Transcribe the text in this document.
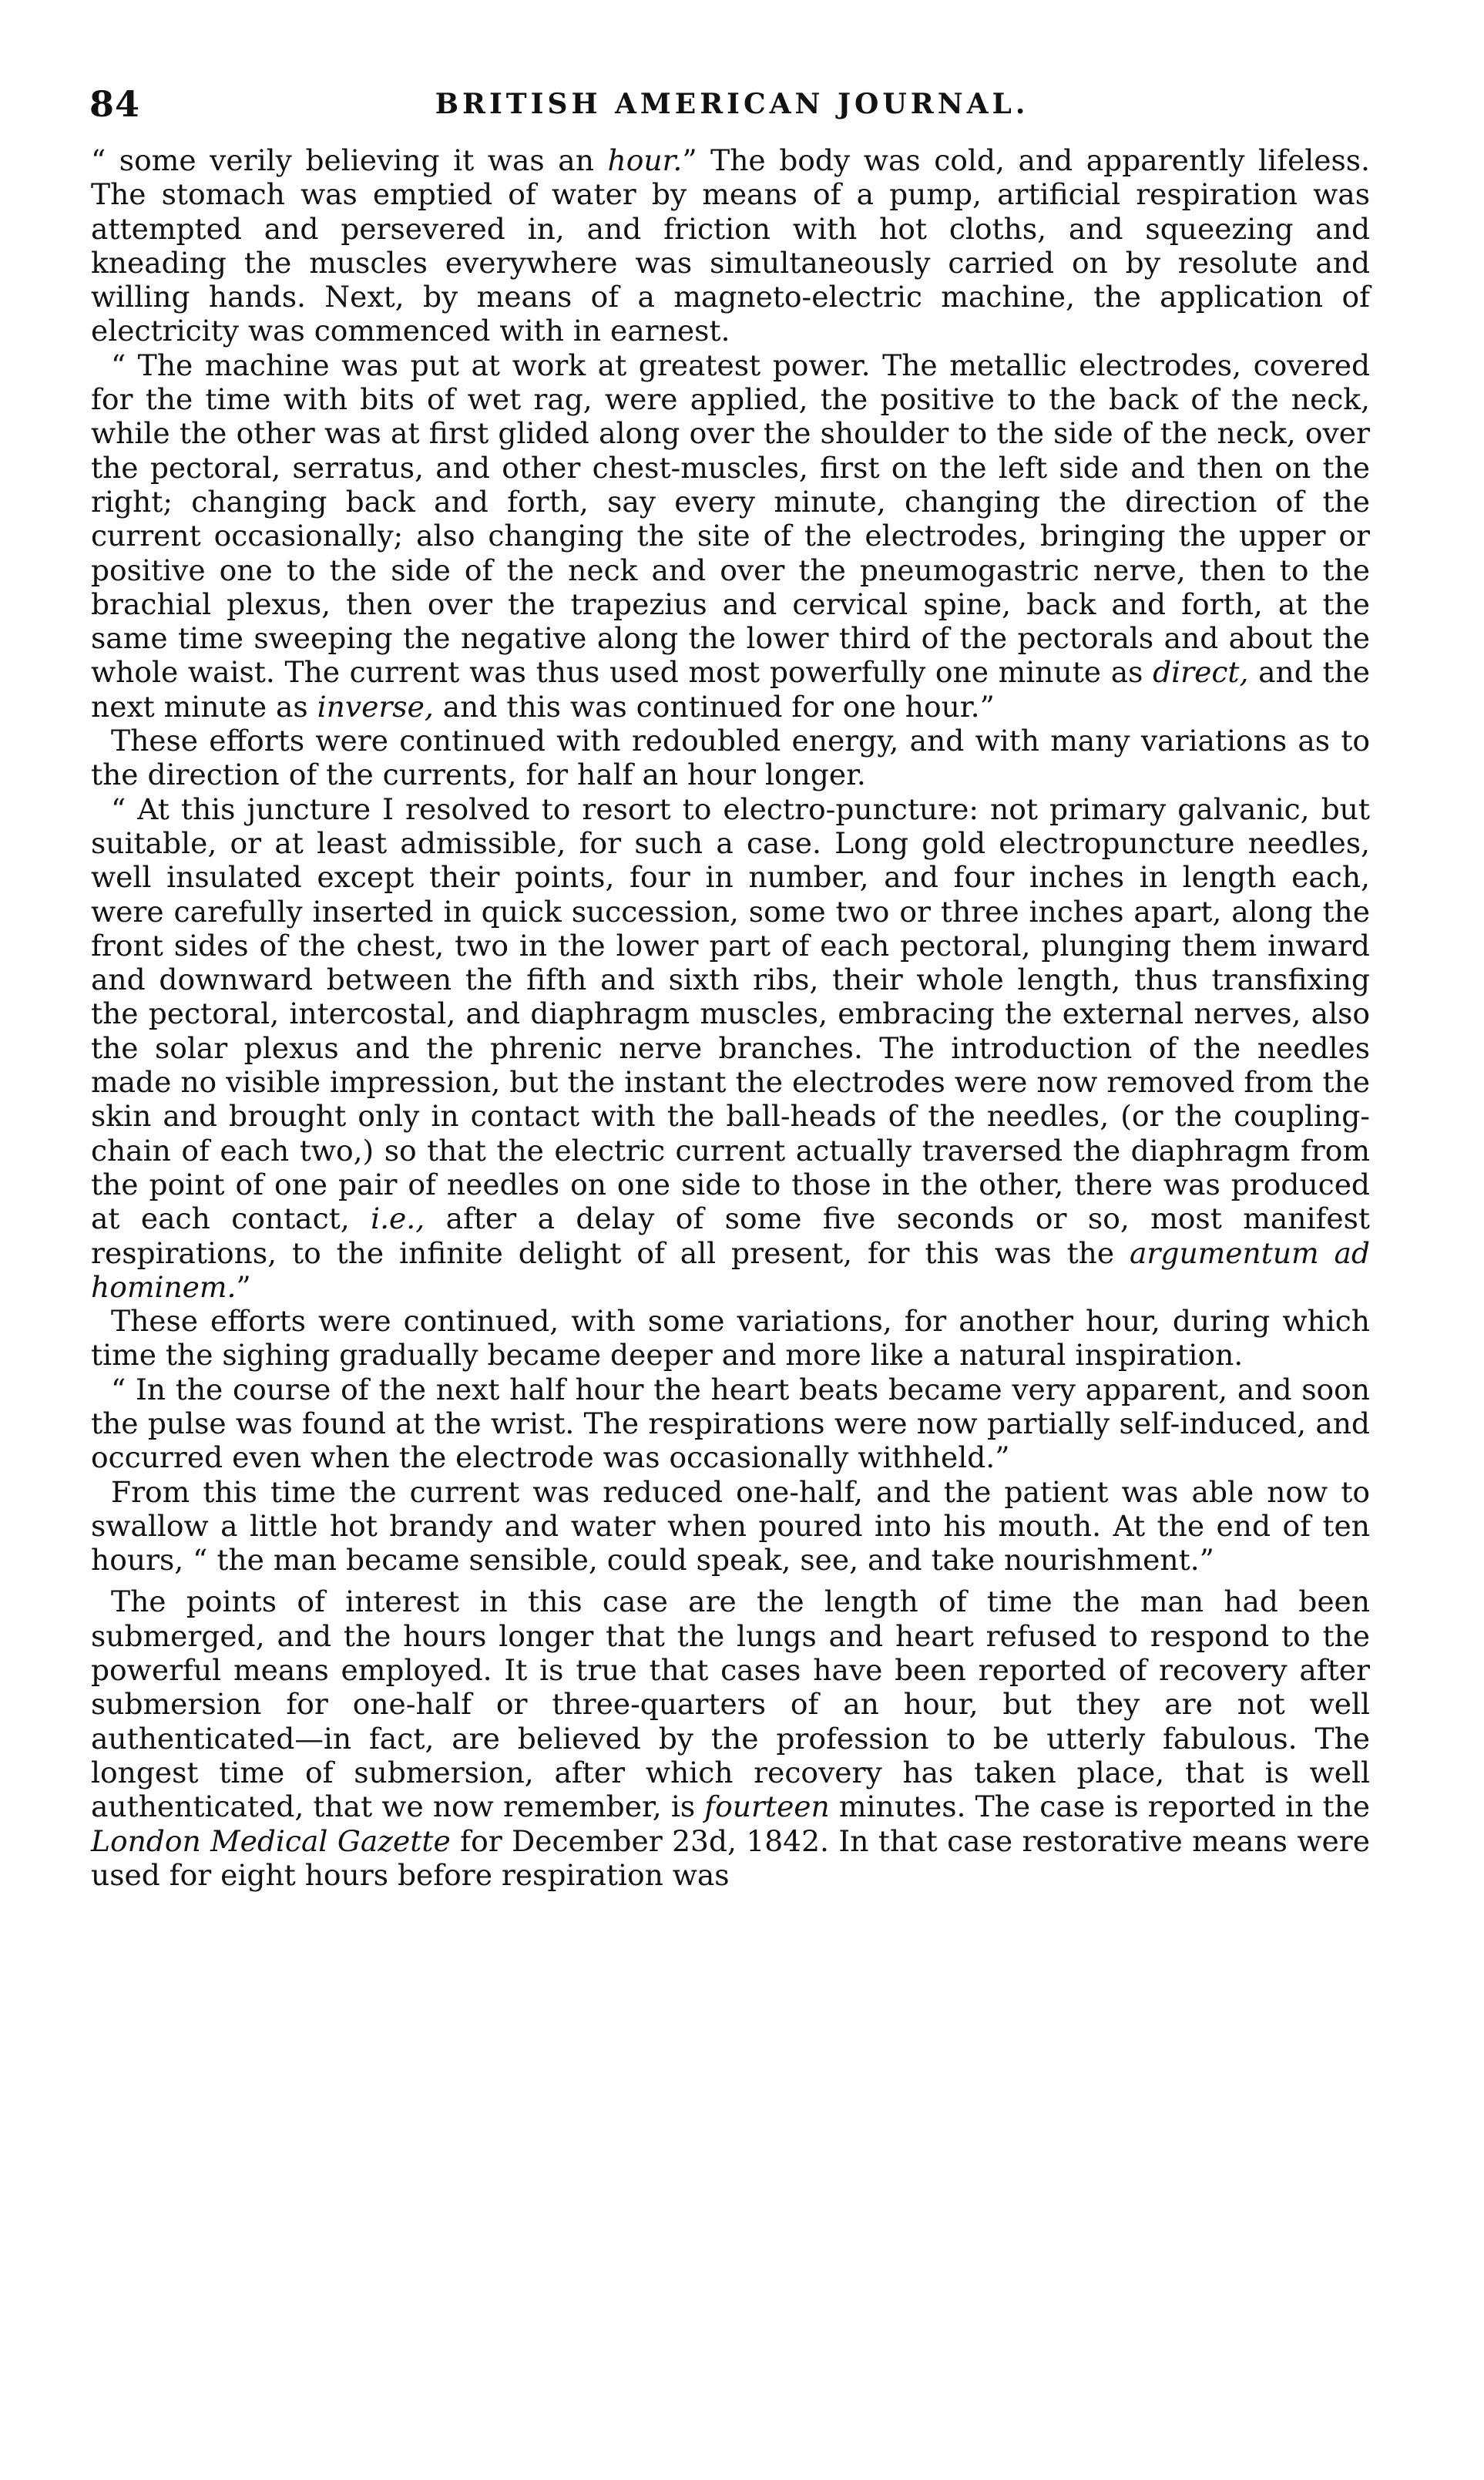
84	BRITISH AMERICAN JOURNAL.

“ some verily believing it was an hour.” The body was cold, and apparently lifeless. The stomach was emptied of water by means of a pump, artificial respiration was attempted and persevered in, and friction with hot cloths, and squeezing and kneading the muscles everywhere was simultaneously carried on by resolute and willing hands. Next, by means of a magneto-electric machine, the application of electricity was commenced with in earnest.

“ The machine was put at work at greatest power. The metallic electrodes, covered for the time with bits of wet rag, were applied, the positive to the back of the neck, while the other was at first glided along over the shoulder to the side of the neck, over the pectoral, serratus, and other chest-muscles, first on the left side and then on the right; changing back and forth, say every minute, changing the direction of the current occasionally; also changing the site of the electrodes, bringing the upper or positive one to the side of the neck and over the pneumogastric nerve, then to the brachial plexus, then over the trapezius and cervical spine, back and forth, at the same time sweeping the negative along the lower third of the pectorals and about the whole waist. The current was thus used most powerfully one minute as direct, and the next minute as inverse, and this was continued for one hour.”

These efforts were continued with redoubled energy, and with many variations as to the direction of the currents, for half an hour longer.

“ At this juncture I resolved to resort to electro-puncture: not primary galvanic, but suitable, or at least admissible, for such a case. Long gold electropuncture needles, well insulated except their points, four in number, and four inches in length each, were carefully inserted in quick succession, some two or three inches apart, along the front sides of the chest, two in the lower part of each pectoral, plunging them inward and downward between the fifth and sixth ribs, their whole length, thus transfixing the pectoral, intercostal, and diaphragm muscles, embracing the external nerves, also the solar plexus and the phrenic nerve branches. The introduction of the needles made no visible impression, but the instant the electrodes were now removed from the skin and brought only in contact with the ball-heads of the needles, (or the coupling-chain of each two,) so that the electric current actually traversed the diaphragm from the point of one pair of needles on one side to those in the other, there was produced at each contact, i.e., after a delay of some five seconds or so, most manifest respirations, to the infinite delight of all present, for this was the argumentum ad hominem.”

These efforts were continued, with some variations, for another hour, during which time the sighing gradually became deeper and more like a natural inspiration.

“ In the course of the next half hour the heart beats became very apparent, and soon the pulse was found at the wrist. The respirations were now partially self-induced, and occurred even when the electrode was occasionally withheld.”

From this time the current was reduced one-half, and the patient was able now to swallow a little hot brandy and water when poured into his mouth. At the end of ten hours, “ the man became sensible, could speak, see, and take nourishment.”

The points of interest in this case are the length of time the man had been submerged, and the hours longer that the lungs and heart refused to respond to the powerful means employed. It is true that cases have been reported of recovery after submersion for one-half or three-quarters of an hour, but they are not well authenticated—in fact, are believed by the profession to be utterly fabulous. The longest time of submersion, after which recovery has taken place, that is well authenticated, that we now remember, is fourteen minutes. The case is reported in the London Medical Gazette for December 23d, 1842. In that case restorative means were used for eight hours before respiration was
